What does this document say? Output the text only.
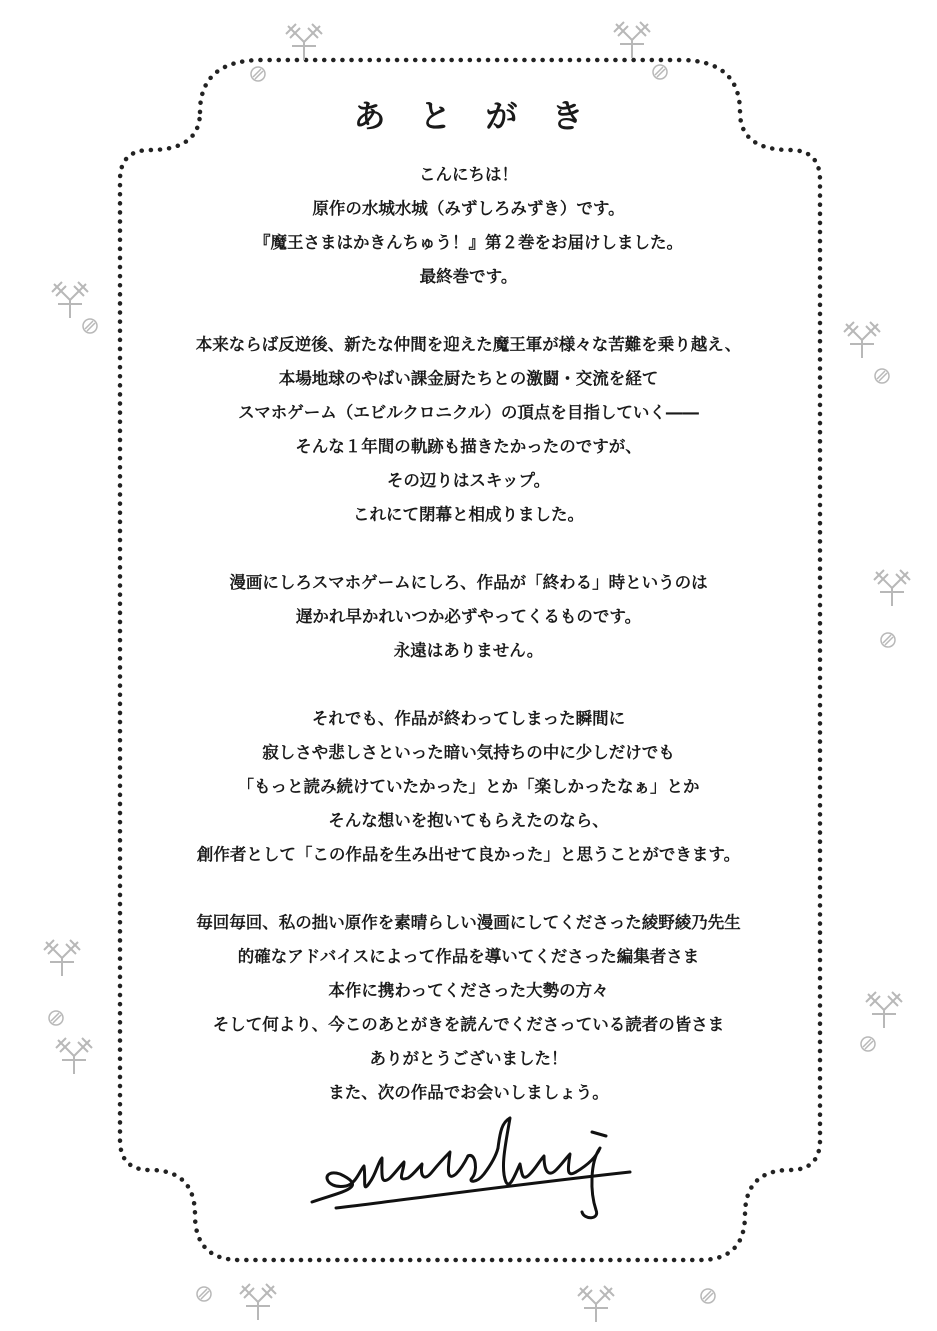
あとがき
こんにちは！
原作の水城水城（みずしろみずき）です。
『魔王さまはかきんちゅう！』第２巻をお届けしました。
最終巻です。
本来ならば反逆後、新たな仲間を迎えた魔王軍が様々な苦難を乗り越え、
本場地球のやばい課金厨たちとの激闘・交流を経て
スマホゲーム（エビルクロニクル）の頂点を目指していく――
そんな１年間の軌跡も描きたかったのですが、
その辺りはスキップ。
これにて閉幕と相成りました。
漫画にしろスマホゲームにしろ、作品が「終わる」時というのは
遅かれ早かれいつか必ずやってくるものです。
永遠はありません。
それでも、作品が終わってしまった瞬間に
寂しさや悲しさといった暗い気持ちの中に少しだけでも
「もっと読み続けていたかった」とか「楽しかったなぁ」とか
そんな想いを抱いてもらえたのなら、
創作者として「この作品を生み出せて良かった」と思うことができます。
毎回毎回、私の拙い原作を素晴らしい漫画にしてくださった綾野綾乃先生
的確なアドバイスによって作品を導いてくださった編集者さま
本作に携わってくださった大勢の方々
そして何より、今このあとがきを読んでくださっている読者の皆さま
ありがとうございました！
また、次の作品でお会いしましょう。
